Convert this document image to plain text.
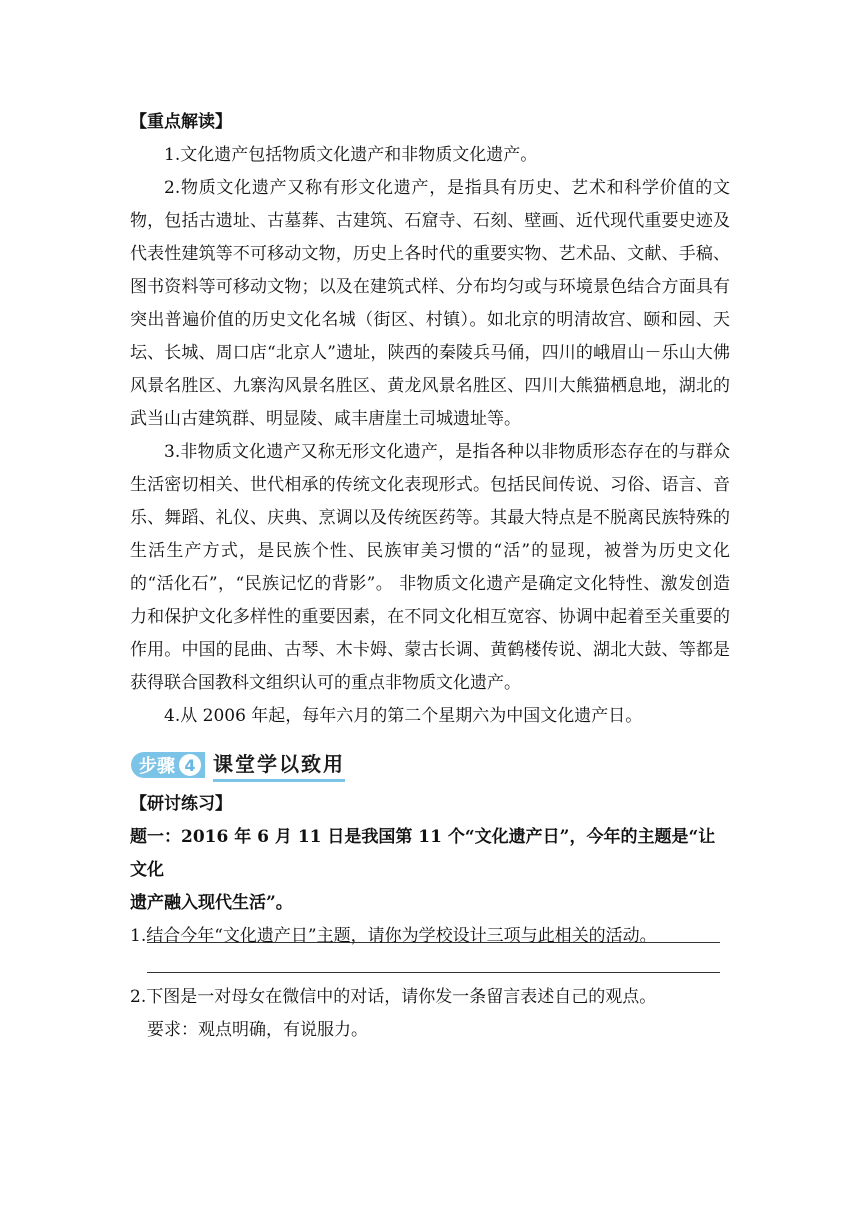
【重点解读】

1.文化遗产包括物质文化遗产和非物质文化遗产。

2.物质文化遗产又称有形文化遗产，是指具有历史、艺术和科学价值的文物，包括古遗址、古墓葬、古建筑、石窟寺、石刻、壁画、近代现代重要史迹及代表性建筑等不可移动文物，历史上各时代的重要实物、艺术品、文献、手稿、图书资料等可移动文物；以及在建筑式样、分布均匀或与环境景色结合方面具有突出普遍价值的历史文化名城（街区、村镇）。如北京的明清故宫、颐和园、天坛、长城、周口店“北京人”遗址，陕西的秦陵兵马俑，四川的峨眉山－乐山大佛风景名胜区、九寨沟风景名胜区、黄龙风景名胜区、四川大熊猫栖息地，湖北的武当山古建筑群、明显陵、咸丰唐崖土司城遗址等。

3.非物质文化遗产又称无形文化遗产，是指各种以非物质形态存在的与群众生活密切相关、世代相承的传统文化表现形式。包括民间传说、习俗、语言、音乐、舞蹈、礼仪、庆典、烹调以及传统医药等。其最大特点是不脱离民族特殊的生活生产方式，是民族个性、民族审美习惯的“活”的显现，被誉为历史文化的“活化石”，“民族记忆的背影”。 非物质文化遗产是确定文化特性、激发创造力和保护文化多样性的重要因素，在不同文化相互宽容、协调中起着至关重要的作用。中国的昆曲、古琴、木卡姆、蒙古长调、黄鹤楼传说、湖北大鼓、等都是获得联合国教科文组织认可的重点非物质文化遗产。

4.从 2006 年起，每年六月的第二个星期六为中国文化遗产日。

步骤 4 课堂学以致用

【研讨练习】

题一：2016 年 6 月 11 日是我国第 11 个“文化遗产日”，今年的主题是“让文化

遗产融入现代生活”。

1.结合今年“文化遗产日”主题，请你为学校设计三项与此相关的活动。

2.下图是一对母女在微信中的对话，请你发一条留言表述自己的观点。

要求：观点明确，有说服力。
